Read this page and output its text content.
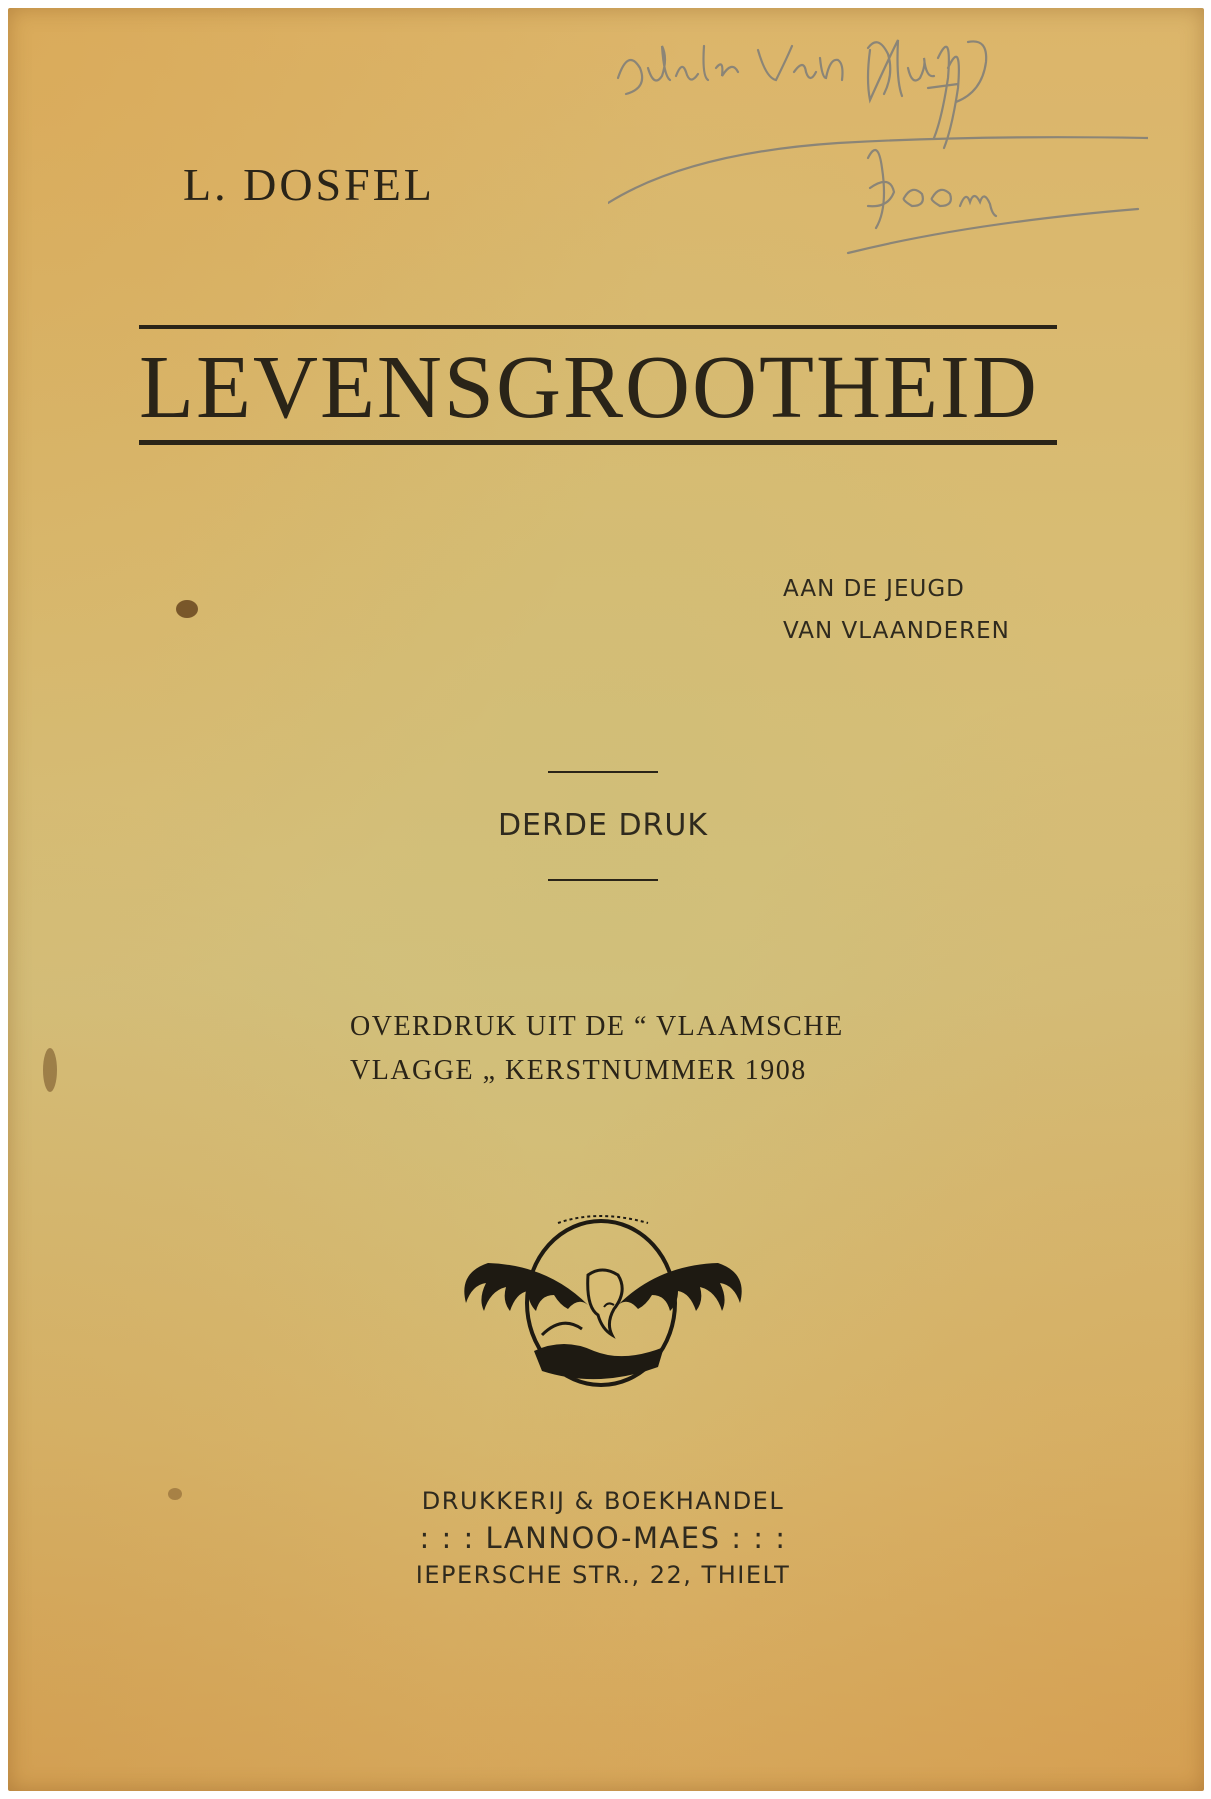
L. DOSFEL
LEVENSGROOTHEID
AAN DE JEUGD
VAN VLAANDEREN
DERDE DRUK
OVERDRUK UIT DE “ VLAAMSCHE
VLAGGE „ KERSTNUMMER 1908
DRUKKERIJ & BOEKHANDEL
: : : LANNOO-MAES : : :
IEPERSCHE STR., 22, THIELT
